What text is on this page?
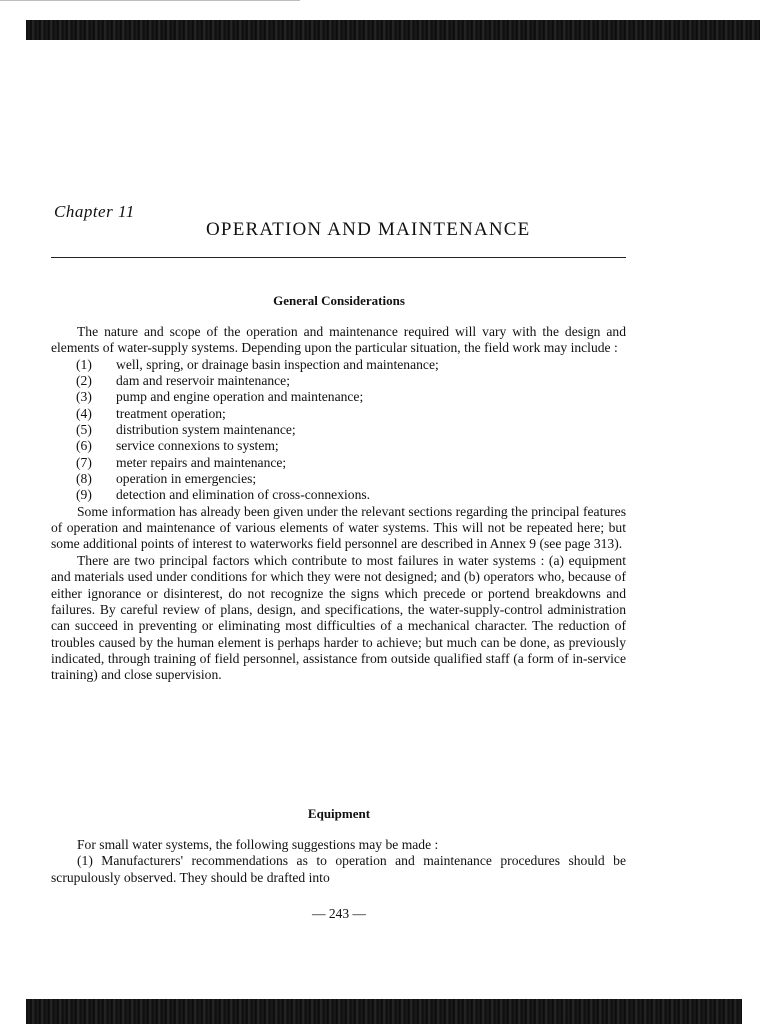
Chapter 11
OPERATION AND MAINTENANCE
General Considerations

The nature and scope of the operation and maintenance required will vary with the design and elements of water-supply systems. Depending upon the particular situation, the field work may include :

(1) well, spring, or drainage basin inspection and maintenance;
(2) dam and reservoir maintenance;
(3) pump and engine operation and maintenance;
(4) treatment operation;
(5) distribution system maintenance;
(6) service connexions to system;
(7) meter repairs and maintenance;
(8) operation in emergencies;
(9) detection and elimination of cross-connexions.

Some information has already been given under the relevant sections regarding the principal features of operation and maintenance of various elements of water systems. This will not be repeated here; but some additional points of interest to waterworks field personnel are described in Annex 9 (see page 313).

There are two principal factors which contribute to most failures in water systems : (a) equipment and materials used under conditions for which they were not designed; and (b) operators who, because of either ignorance or disinterest, do not recognize the signs which precede or portend breakdowns and failures. By careful review of plans, design, and specifications, the water-supply-control administration can succeed in preventing or eliminating most difficulties of a mechanical character. The reduction of troubles caused by the human element is perhaps harder to achieve; but much can be done, as previously indicated, through training of field personnel, assistance from outside qualified staff (a form of in-service training) and close supervision.

Equipment

For small water systems, the following suggestions may be made :

(1) Manufacturers' recommendations as to operation and maintenance procedures should be scrupulously observed. They should be drafted into

— 243 —
